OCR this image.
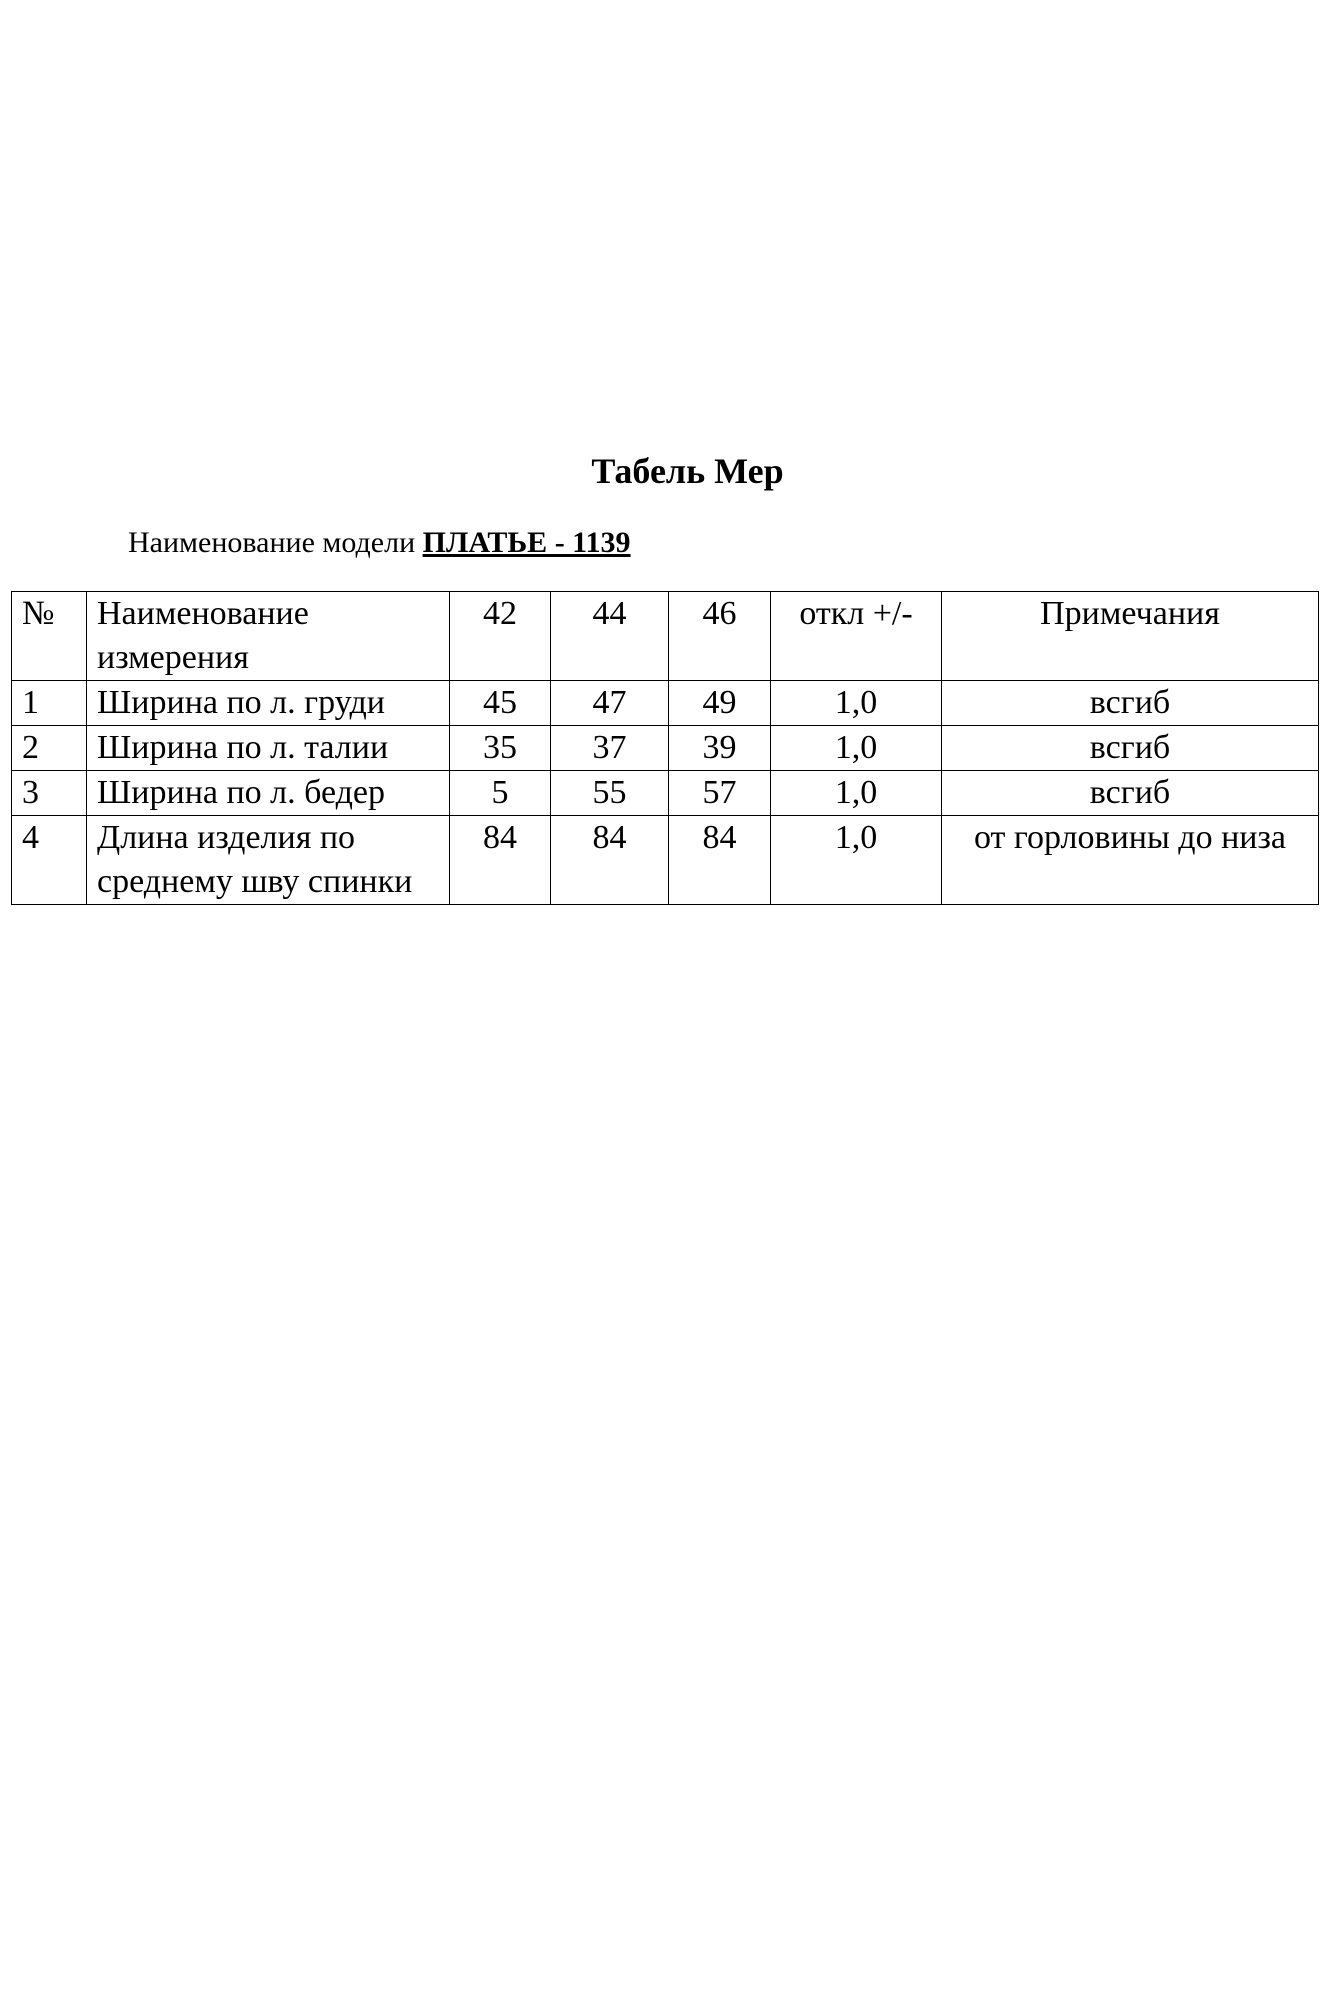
Табель Мер
Наименование модели ПЛАТЬЕ - 1139
№	Наименование измерения	42	44	46	откл +/-	Примечания
1	Ширина по л. груди	45	47	49	1,0	всгиб
2	Ширина по л. талии	35	37	39	1,0	всгиб
3	Ширина по л. бедер	5	55	57	1,0	всгиб
4	Длина изделия по среднему шву спинки	84	84	84	1,0	от горловины до низа
